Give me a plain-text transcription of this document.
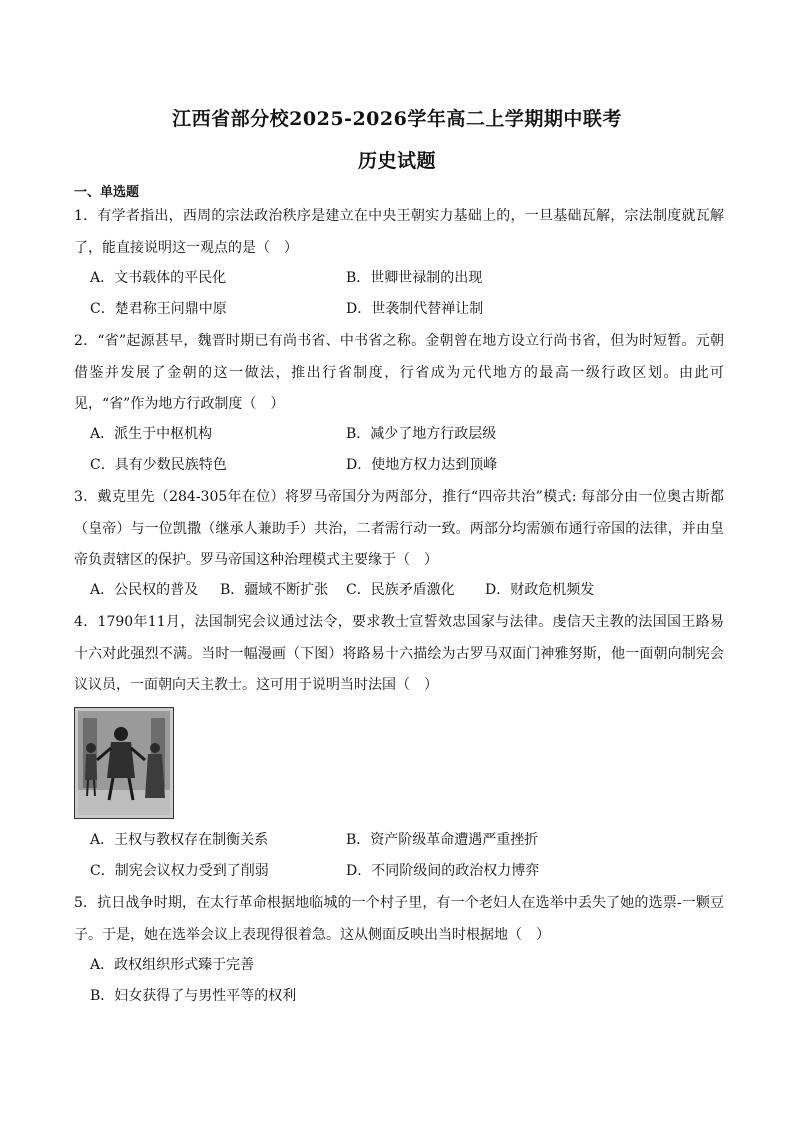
江西省部分校2025-2026学年高二上学期期中联考
历史试题
一、单选题

1．有学者指出，西周的宗法政治秩序是建立在中央王朝实力基础上的，一旦基础瓦解，宗法制度就瓦解了，能直接说明这一观点的是（　）

A．文书载体的平民化	B．世卿世禄制的出现
C．楚君称王问鼎中原	D．世袭制代替禅让制

2．“省”起源甚早，魏晋时期已有尚书省、中书省之称。金朝曾在地方设立行尚书省，但为时短暂。元朝借鉴并发展了金朝的这一做法，推出行省制度，行省成为元代地方的最高一级行政区划。由此可见，“省”作为地方行政制度（　）

A．派生于中枢机构	B．减少了地方行政层级
C．具有少数民族特色	D．使地方权力达到顶峰

3．戴克里先（284-305年在位）将罗马帝国分为两部分，推行“四帝共治”模式: 每部分由一位奥古斯都（皇帝）与一位凯撒（继承人兼助手）共治，二者需行动一致。两部分均需颁布通行帝国的法律，并由皇帝负责辖区的保护。罗马帝国这种治理模式主要缘于（　）

A．公民权的普及 B．疆域不断扩张 C．民族矛盾激化 D．财政危机频发

4．1790年11月，法国制宪会议通过法令，要求教士宣誓效忠国家与法律。虔信天主教的法国国王路易十六对此强烈不满。当时一幅漫画（下图）将路易十六描绘为古罗马双面门神雅努斯，他一面朝向制宪会议议员，一面朝向天主教士。这可用于说明当时法国（　）

A．王权与教权存在制衡关系	B．资产阶级革命遭遇严重挫折
C．制宪会议权力受到了削弱	D．不同阶级间的政治权力博弈

5．抗日战争时期，在太行革命根据地临城的一个村子里，有一个老妇人在选举中丢失了她的选票-一颗豆子。于是，她在选举会议上表现得很着急。这从侧面反映出当时根据地（　）

A．政权组织形式臻于完善
B．妇女获得了与男性平等的权利
